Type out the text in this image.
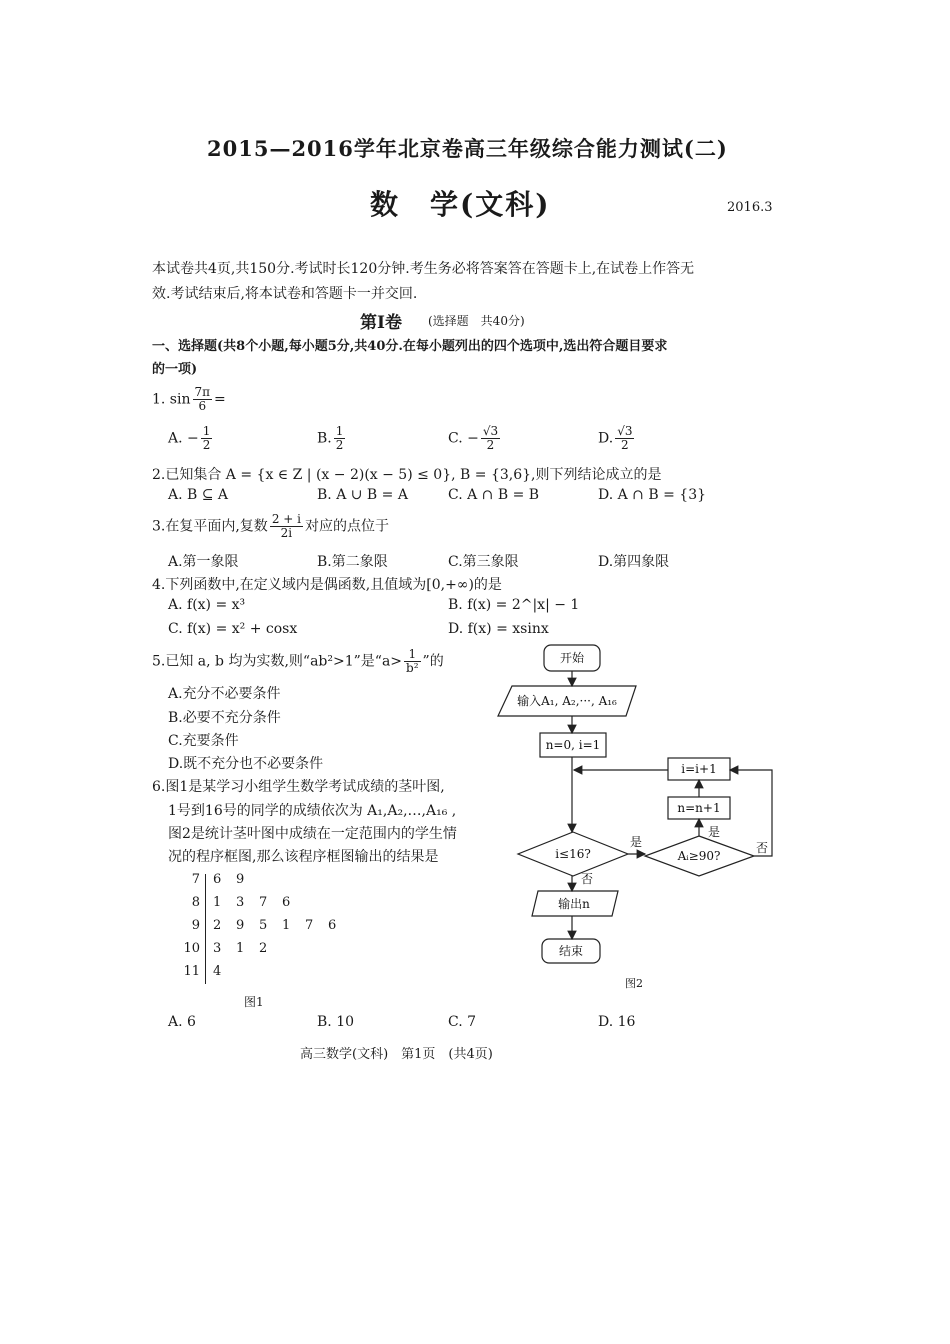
2015—2016学年北京卷高三年级综合能力测试(二)
数　学(文科)	2016.3
本试卷共4页,共150分.考试时长120分钟.考生务必将答案答在答题卡上,在试卷上作答无
效.考试结束后,将本试卷和答题卡一并交回.
第Ⅰ卷 (选择题　共40分)
一、选择题(共8个小题,每小题5分,共40分.在每小题列出的四个选项中,选出符合题目要求
的一项)
1. $\sin \frac{7\pi}{6}$ =
A. − $\frac{1}{2}$	B. $\frac{1}{2}$	C. − $\frac{√3}{2}$	D. $\frac{√3}{2}$
2.已知集合 A = {x ∈ Z | (x − 2)(x − 5) ≤ 0}, B = {3,6},则下列结论成立的是
A. B ⊆ A	B. A ∪ B = A	C. A ∩ B = B	D. A ∩ B = {3}
3.在复平面内,复数 $\frac{2 + i}{2i}$ 对应的点位于
A.第一象限	B.第二象限	C.第三象限	D.第四象限
4.下列函数中,在定义域内是偶函数,且值域为[0,+∞)的是
A. f(x) = x³	B. f(x) = 2^|x| − 1
C. f(x) = x² + cosx	D. f(x) = xsinx
5.已知 a, b 均为实数,则“ab²>1”是“$a> \frac{1}{\text{b²}}$ ”的
A.充分不必要条件
B.必要不充分条件
C.充要条件
D.既不充分也不必要条件
6.图1是某学习小组学生数学考试成绩的茎叶图,
1号到16号的同学的成绩依次为 A₁,A₂,…,A₁₆ ,
图2是统计茎叶图中成绩在一定范围内的学生情
况的程序框图,那么该程序框图输出的结果是
7 6 9
8 1 3 7 6
9 2 9 5 1 7 6
10 3 1 2
11 4
图1
开始
输入A₁, A₂,···, A₁₆
n=0, i=1
i=i+1
n=n+1
i≤16?	Aᵢ≥90?
是
是
否
否
输出n
结束
图2
A. 6	B. 10	C. 7	D. 16
高三数学(文科)　第1页　(共4页)
